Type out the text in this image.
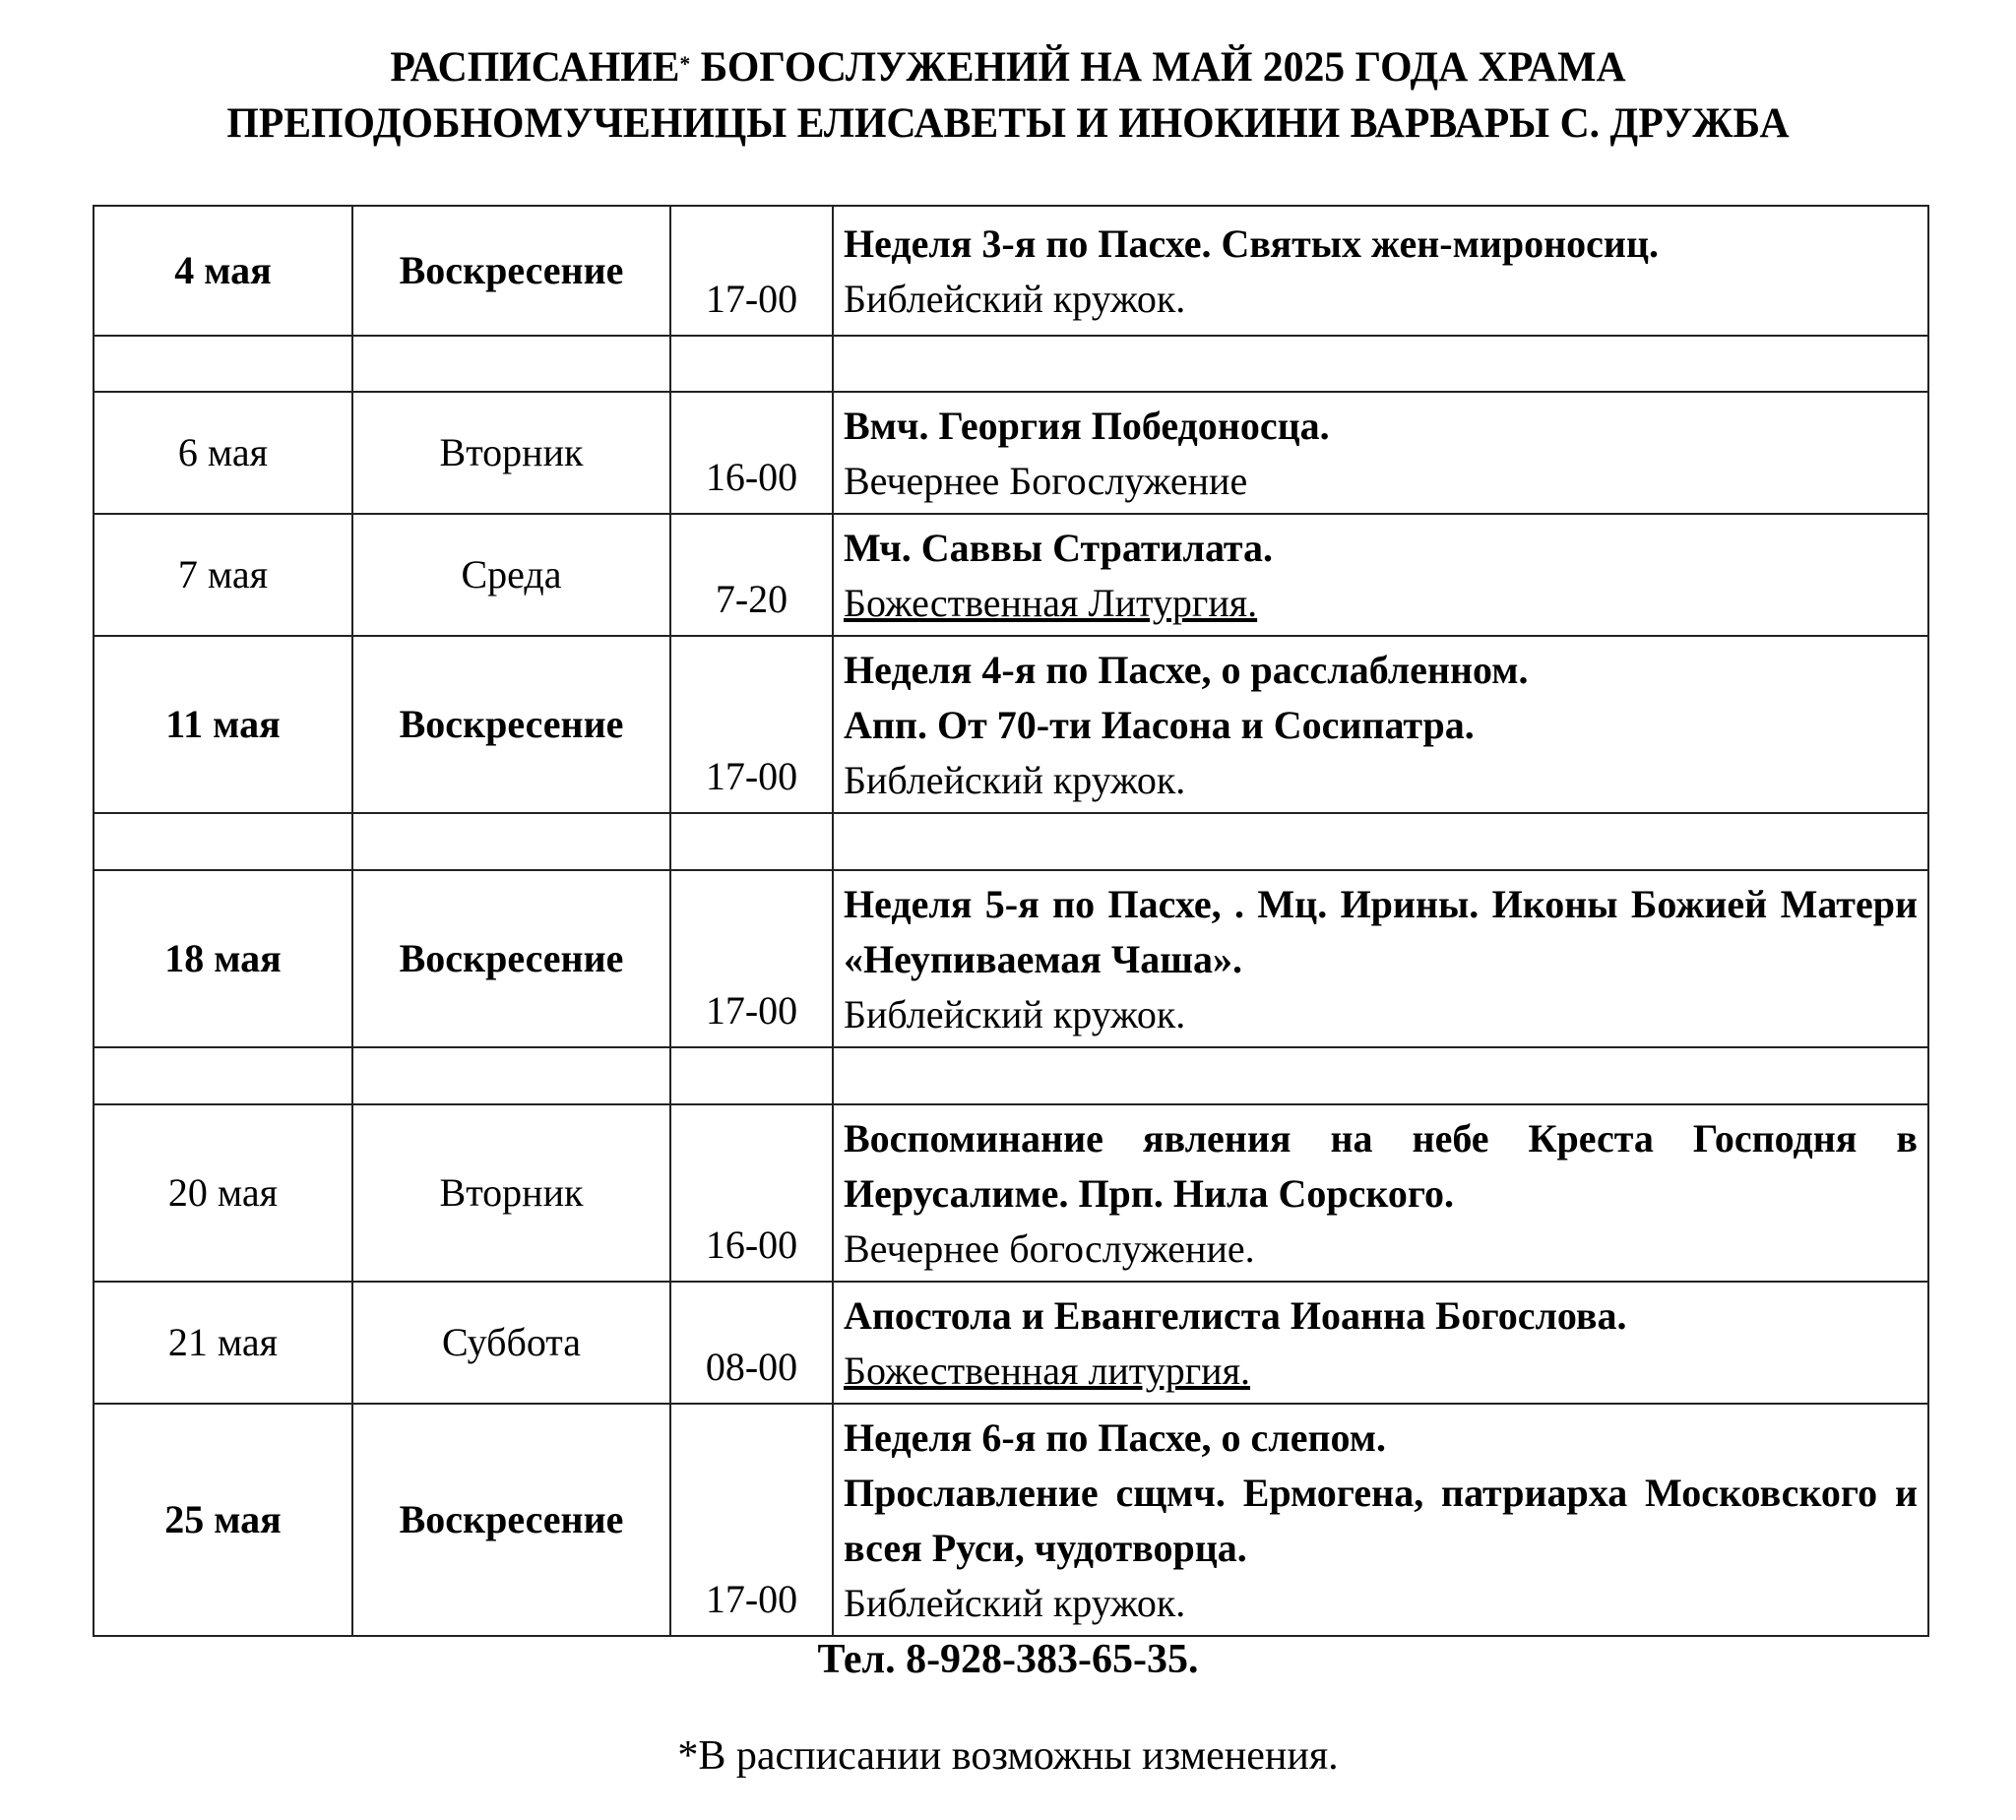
РАСПИСАНИЕ* БОГОСЛУЖЕНИЙ НА МАЙ 2025 ГОДА ХРАМА
ПРЕПОДОБНОМУЧЕНИЦЫ ЕЛИСАВЕТЫ И ИНОКИНИ ВАРВАРЫ С. ДРУЖБА
4 мая	Воскресение	17-00	Неделя 3-я по Пасхе. Святых жен-мироносиц.
Библейский кружок.

6 мая	Вторник	16-00	Вмч. Георгия Победоносца.
Вечернее Богослужение

7 мая	Среда	7-20	Мч. Саввы Стратилата.
Божественная Литургия.

11 мая	Воскресение	17-00	Неделя 4-я по Пасхе, о расслабленном.
Апп. От 70-ти Иасона и Сосипатра.
Библейский кружок.

18 мая	Воскресение	17-00	Неделя 5-я по Пасхе, . Мц. Ирины. Иконы Божией Матери «Неупиваемая Чаша».
Библейский кружок.

20 мая	Вторник	16-00	Воспоминание явления на небе Креста Господня в Иерусалиме. Прп. Нила Сорского.
Вечернее богослужение.

21 мая	Суббота	08-00	Апостола и Евангелиста Иоанна Богослова.
Божественная литургия.

25 мая	Воскресение	17-00	Неделя 6-я по Пасхе, о слепом.
Прославление сщмч. Ермогена, патриарха Московского и всея Руси, чудотворца.
Библейский кружок.
Тел. 8-928-383-65-35.
*В расписании возможны изменения.
